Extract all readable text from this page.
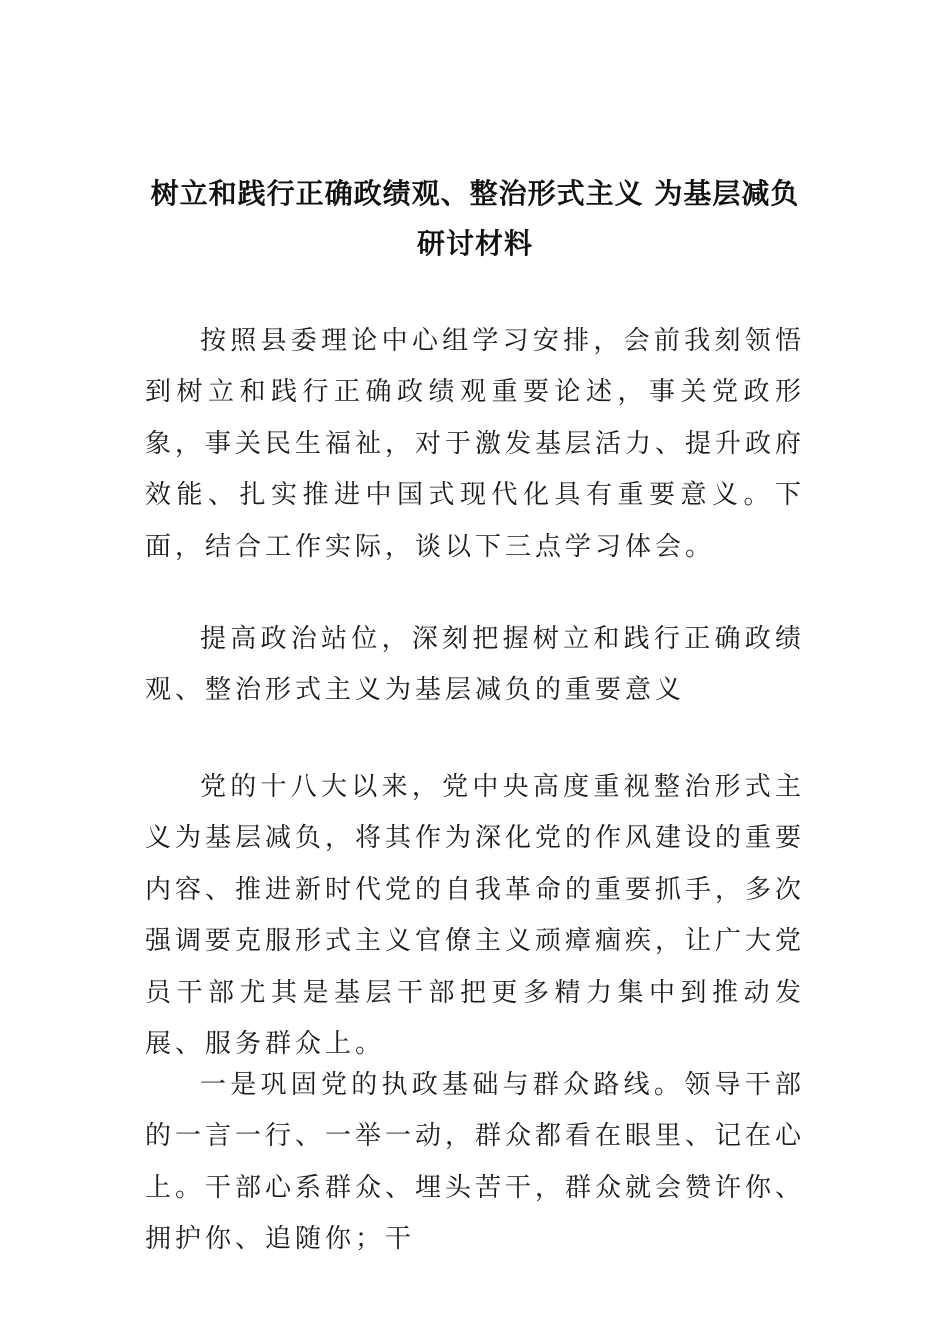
树立和践行正确政绩观、整治形式主义 为基层减负
研讨材料
按照县委理论中心组学习安排，会前我刻领悟到树立和践行正确政绩观重要论述，事关党政形象，事关民生福祉，对于激发基层活力、提升政府效能、扎实推进中国式现代化具有重要意义。下面，结合工作实际，谈以下三点学习体会。
提高政治站位，深刻把握树立和践行正确政绩观、整治形式主义为基层减负的重要意义
党的十八大以来，党中央高度重视整治形式主义为基层减负，将其作为深化党的作风建设的重要内容、推进新时代党的自我革命的重要抓手，多次强调要克服形式主义官僚主义顽瘴痼疾，让广大党员干部尤其是基层干部把更多精力集中到推动发展、服务群众上。
一是巩固党的执政基础与群众路线。领导干部的一言一行、一举一动，群众都看在眼里、记在心上。干部心系群众、埋头苦干，群众就会赞许你、拥护你、追随你；干
